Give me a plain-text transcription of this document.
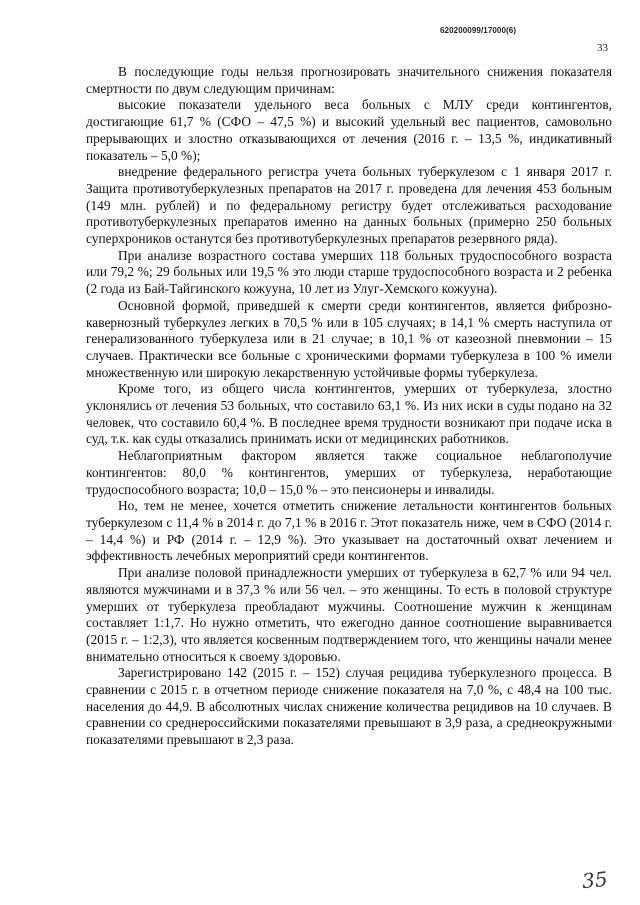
620200099/17000(6)
33

В последующие годы нельзя прогнозировать значительного снижения показателя смертности по двум следующим причинам:

высокие показатели удельного веса больных с МЛУ среди контингентов, достигающие 61,7 % (СФО – 47,5 %) и высокий удельный вес пациентов, самовольно прерывающих и злостно отказывающихся от лечения (2016 г. – 13,5 %, индикативный показатель – 5,0 %);

внедрение федерального регистра учета больных туберкулезом с 1 января 2017 г. Защита противотуберкулезных препаратов на 2017 г. проведена для лечения 453 больным (149 млн. рублей) и по федеральному регистру будет отслеживаться расходование противотуберкулезных препаратов именно на данных больных (примерно 250 больных суперхроников останутся без противотуберкулезных препаратов резервного ряда).

При анализе возрастного состава умерших 118 больных трудоспособного возраста или 79,2 %; 29 больных или 19,5 % это люди старше трудоспособного возраста и 2 ребенка (2 года из Бай-Тайгинского кожууна, 10 лет из Улуг-Хемского кожууна).

Основной формой, приведшей к смерти среди контингентов, является фиброзно-кавернозный туберкулез легких в 70,5 % или в 105 случаях; в 14,1 % смерть наступила от генерализованного туберкулеза или в 21 случае; в 10,1 % от казеозной пневмонии – 15 случаев. Практически все больные с хроническими формами туберкулеза в 100 % имели множественную или широкую лекарственную устойчивые формы туберкулеза.

Кроме того, из общего числа контингентов, умерших от туберкулеза, злостно уклонялись от лечения 53 больных, что составило 63,1 %. Из них иски в суды подано на 32 человек, что составило 60,4 %. В последнее время трудности возникают при подаче иска в суд, т.к. как суды отказались принимать иски от медицинских работников.

Неблагоприятным фактором является также социальное неблагополучие контингентов: 80,0 % контингентов, умерших от туберкулеза, неработающие трудоспособного возраста; 10,0 – 15,0 % – это пенсионеры и инвалиды.

Но, тем не менее, хочется отметить снижение летальности контингентов больных туберкулезом с 11,4 % в 2014 г. до 7,1 % в 2016 г. Этот показатель ниже, чем в СФО (2014 г. – 14,4 %) и РФ (2014 г. – 12,9 %). Это указывает на достаточный охват лечением и эффективность лечебных мероприятий среди контингентов.

При анализе половой принадлежности умерших от туберкулеза в 62,7 % или 94 чел. являются мужчинами и в 37,3 % или 56 чел. – это женщины. То есть в половой структуре умерших от туберкулеза преобладают мужчины. Соотношение мужчин к женщинам составляет 1:1,7. Но нужно отметить, что ежегодно данное соотношение выравнивается (2015 г. – 1:2,3), что является косвенным подтверждением того, что женщины начали менее внимательно относиться к своему здоровью.

Зарегистрировано 142 (2015 г. – 152) случая рецидива туберкулезного процесса. В сравнении с 2015 г. в отчетном периоде снижение показателя на 7,0 %, с 48,4 на 100 тыс. населения до 44,9. В абсолютных числах снижение количества рецидивов на 10 случаев. В сравнении со среднероссийскими показателями превышают в 3,9 раза, а среднеокружными показателями превышают в 2,3 раза.

35
